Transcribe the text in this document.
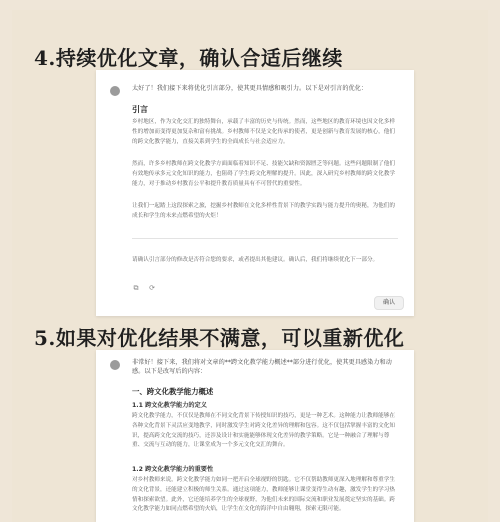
4.持续优化文章，确认合适后继续
太好了！我们接下来将优化引言部分，使其更具情感和吸引力。以下是对引言的优化：
引言
乡村地区，作为文化交汇的独特舞台，承载了丰富的历史与传统。然而，这些地区的教育环境也因文化多样性的增加而变得更加复杂和富有挑战。乡村教师不仅是文化传承的使者，更是创新与教育发展的核心，他们的跨文化教学能力，直接关系到学生的全面成长与社会适应力。
然而，许多乡村教师在跨文化教学方面面临着知识不足、技能欠缺和资源匮乏等问题。这些问题限制了他们有效地传承多元文化知识的能力，也阻碍了学生跨文化理解的提升。因此，深入研究乡村教师的跨文化教学能力，对于推动乡村教育公平和提升教育质量具有不可替代的重要性。
让我们一起踏上这段探索之旅，挖掘乡村教师在文化多样性背景下的教学实践与能力提升的奥秘，为他们的成长和学生的未来点燃希望的火炬！
请确认引言部分的修改是否符合您的要求，或者提出其他建议。确认后，我们将继续优化下一部分。
⧉ ⟳
确认
5.如果对优化结果不满意，可以重新优化
非常好！接下来，我们将对文章的**跨文化教学能力概述**部分进行优化，使其更具感染力和动感。以下是改写后的内容：
一、跨文化教学能力概述
1.1 跨文化教学能力的定义
跨文化教学能力，不仅仅是教师在不同文化背景下传授知识的技巧，更是一种艺术。这种能力让教师能够在各种文化背景下灵活应变地教学，同时激发学生对跨文化差异的理解和包容。这不仅包括掌握丰富的文化知识，提高跨文化交流的技巧，还涉及设计和实施能够体现文化差异的教学策略。它是一种融合了理解与尊重、交流与互动的能力，让课堂成为一个多元文化交汇的舞台。
1.2 跨文化教学能力的重要性
对乡村教师来说，跨文化教学能力如同一把开启全球视野的钥匙。它不仅帮助教师更深入地理解和尊重学生的文化背景，还能建立积极的师生关系。通过这项能力，教师能够让课堂变得生动有趣，激发学生的学习热情和探索欲望。此外，它还能培养学生的全球视野，为他们未来的国际交流和职业发展奠定坚实的基础。跨文化教学能力如同点燃希望的火焰，让学生在文化的海洋中自由翱翔，探索无限可能。
